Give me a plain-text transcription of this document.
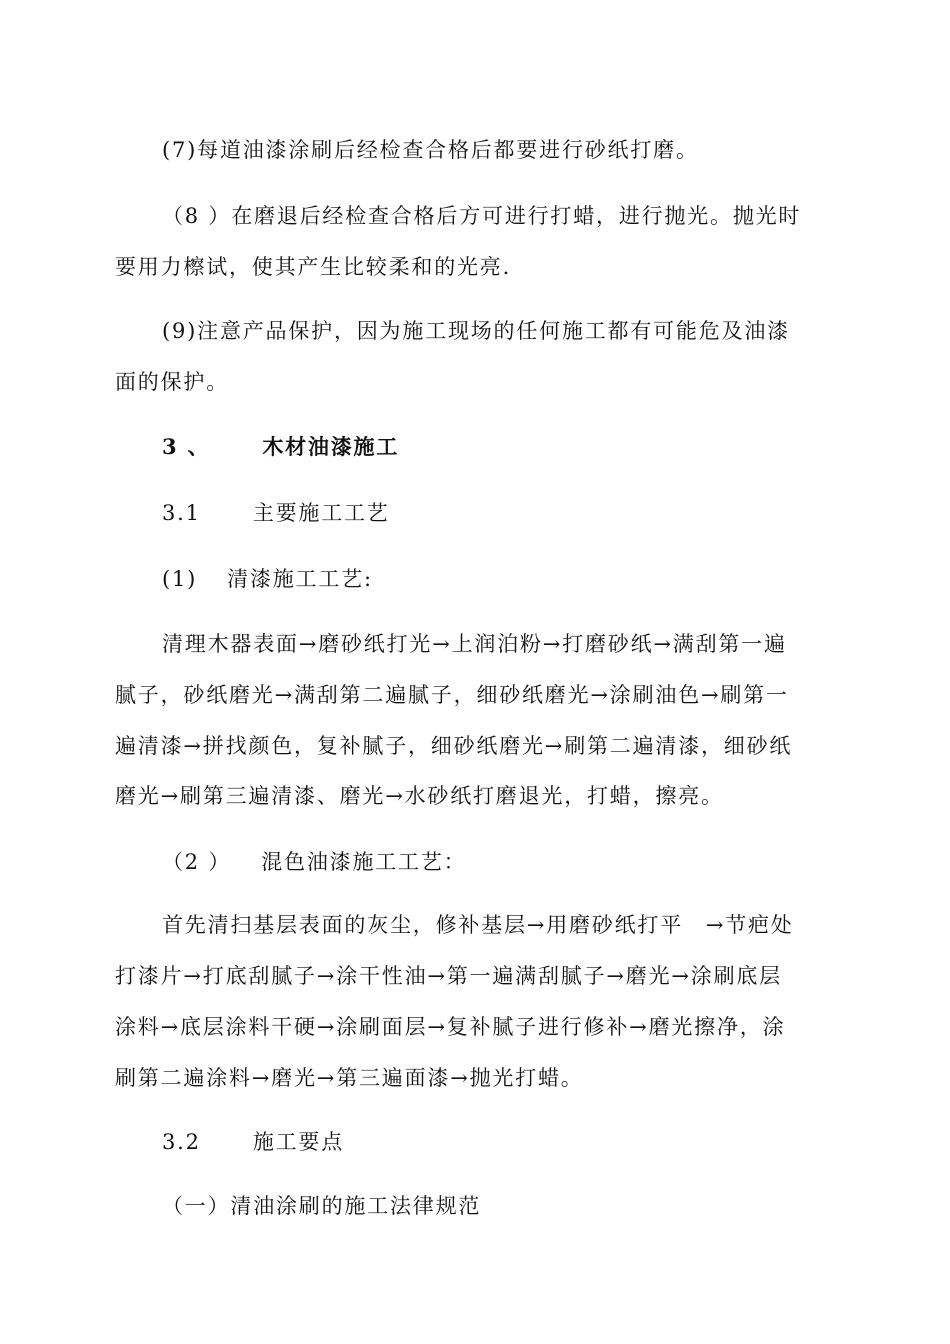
(7)每道油漆涂刷后经检查合格后都要进行砂纸打磨。
（8 ）在磨退后经检查合格后方可进行打蜡，进行抛光。抛光时
要用力檫试，使其产生比较柔和的光亮.
(9)注意产品保护，因为施工现场的任何施工都有可能危及油漆
面的保护。
3 、 木材油漆施工
3.1 主要施工工艺
(1) 清漆施工工艺:
清理木器表面→磨砂纸打光→上润泊粉→打磨砂纸→满刮第一遍
腻子，砂纸磨光→满刮第二遍腻子，细砂纸磨光→涂刷油色→刷第一
遍清漆→拼找颜色，复补腻子，细砂纸磨光→刷第二遍清漆，细砂纸
磨光→刷第三遍清漆、磨光→水砂纸打磨退光，打蜡，擦亮。
（2 ） 混色油漆施工工艺：
首先清扫基层表面的灰尘，修补基层→用磨砂纸打平　→节疤处
打漆片→打底刮腻子→涂干性油→第一遍满刮腻子→磨光→涂刷底层
涂料→底层涂料干硬→涂刷面层→复补腻子进行修补→磨光擦净，涂
刷第二遍涂料→磨光→第三遍面漆→抛光打蜡。
3.2 施工要点
（一）清油涂刷的施工法律规范
